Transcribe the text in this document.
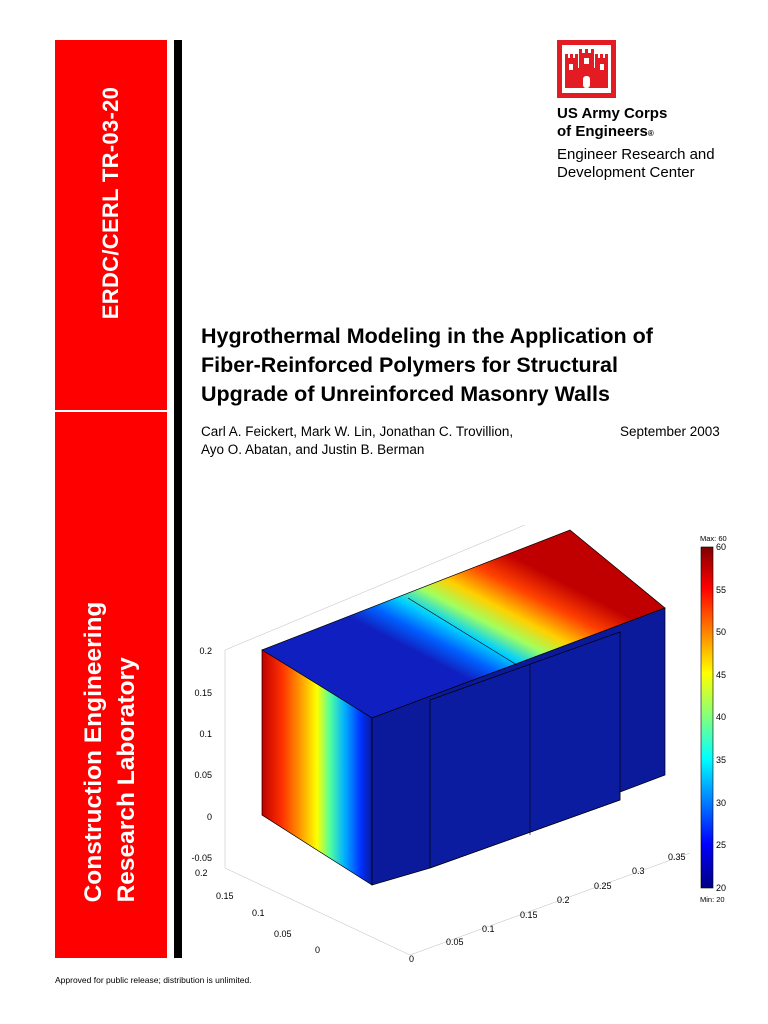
ERDC/CERL TR-03-20
Construction Engineering Research Laboratory
US Army Corps
of Engineers®
Engineer Research and
Development Center
Hygrothermal Modeling in the Application of
Fiber-Reinforced Polymers for Structural
Upgrade of Unreinforced Masonry Walls
Carl A. Feickert, Mark W. Lin, Jonathan C. Trovillion,
Ayo O. Abatan, and Justin B. Berman
September 2003
0.2
0.15
0.1
0.05
0
-0.05
0.2
0.15
0.1
0.05
0
0
0.05
0.1
0.15
0.2
0.25
0.3
0.35
Max: 60
Min: 20
60
55
50
45
40
35
30
25
20
Approved for public release; distribution is unlimited.
